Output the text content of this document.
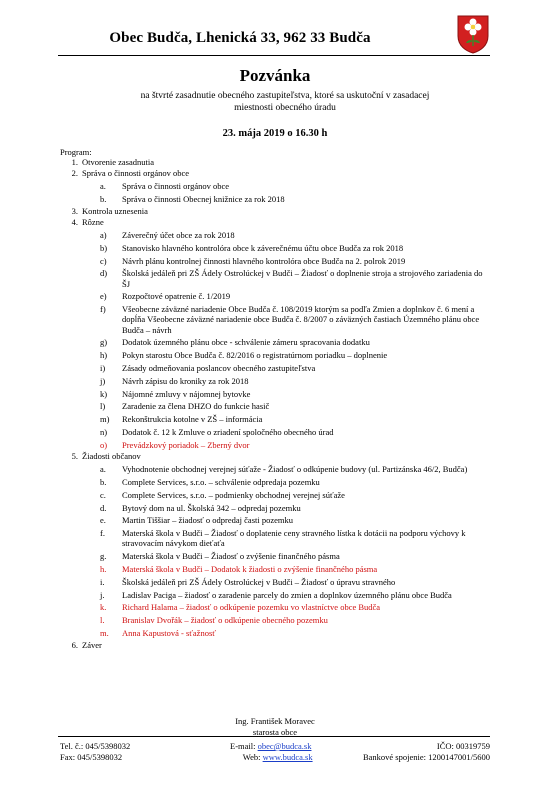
Obec Budča, Lhenická 33, 962 33 Budča
Pozvánka
na štvrté zasadnutie obecného zastupiteľstva, ktoré sa uskutoční v zasadacej miestnosti obecného úradu
23. mája 2019 o 16.30 h
Program:
1. Otvorenie zasadnutia
2. Správa o činnosti orgánov obce
a.	Správa o činnosti orgánov obce
b.	Správa o činnosti Obecnej knižnice za rok 2018
3. Kontrola uznesenia
4. Rôzne
a)	Záverečný účet obce za rok 2018
b)	Stanovisko hlavného kontrolóra obce k záverečnému účtu obce Budča za rok 2018
c)	Návrh plánu kontrolnej činnosti hlavného kontrolóra obce Budča na 2. polrok 2019
d)	Školská jedáleň pri ZŠ Ádely Ostrolúckej v Budči – Žiadosť o doplnenie stroja a strojového zariadenia do ŠJ
e)	Rozpočtové opatrenie č. 1/2019
f)	Všeobecne záväzné nariadenie Obce Budča č. 108/2019 ktorým sa podľa Zmien a doplnkov č. 6 mení a dopĺňa Všeobecne záväzné nariadenie obce Budča č. 8/2007 o záväzných častiach Územného plánu obce Budča – návrh
g)	Dodatok územného plánu obce - schválenie zámeru spracovania dodatku
h)	Pokyn starostu Obce Budča č. 82/2016 o registratúrnom poriadku – doplnenie
i)	Zásady odmeňovania poslancov obecného zastupiteľstva
j)	Návrh zápisu do kroniky za rok 2018
k)	Nájomné zmluvy v nájomnej bytovke
l)	Zaradenie za člena DHZO do funkcie hasič
m)	Rekonštrukcia kotolne v ZŠ – informácia
n)	Dodatok č. 12 k Zmluve o zriadení spoločného obecného úrad
o)	Prevádzkový poriadok – Zberný dvor
5. Žiadosti občanov
a.	Vyhodnotenie obchodnej verejnej súťaže - Žiadosť o odkúpenie budovy (ul. Partizánska 46/2, Budča)
b.	Complete Services, s.r.o. – schválenie odpredaja pozemku
c.	Complete Services, s.r.o. – podmienky obchodnej verejnej súťaže
d.	Bytový dom na ul. Školská 342 – odpredaj pozemku
e.	Martin Tiššiar – žiadosť o odpredaj časti pozemku
f.	Materská škola v Budči – Žiadosť o doplatenie ceny stravného lístka k dotácii na podporu výchovy k stravovacím návykom dieťaťa
g.	Materská škola v Budči – Žiadosť o zvýšenie finančného pásma
h.	Materská škola v Budči – Dodatok k žiadosti o zvýšenie finančného pásma
i.	Školská jedáleň pri ZŠ Ádely Ostrolúckej v Budči – Žiadosť o úpravu stravného
j.	Ladislav Paciga – žiadosť o zaradenie parcely do zmien a doplnkov územného plánu obce Budča
k.	Richard Halama – žiadosť o odkúpenie pozemku vo vlastníctve obce Budča
l.	Branislav Dvořák – žiadosť o odkúpenie obecného pozemku
m.	Anna Kapustová - sťažnosť
6. Záver
Ing. František Moravec
starosta obce
Tel. č.: 045/5398032
Fax: 045/5398032
E-mail: obec@budca.sk
Web: www.budca.sk
IČO: 00319759
Bankové spojenie: 1200147001/5600
